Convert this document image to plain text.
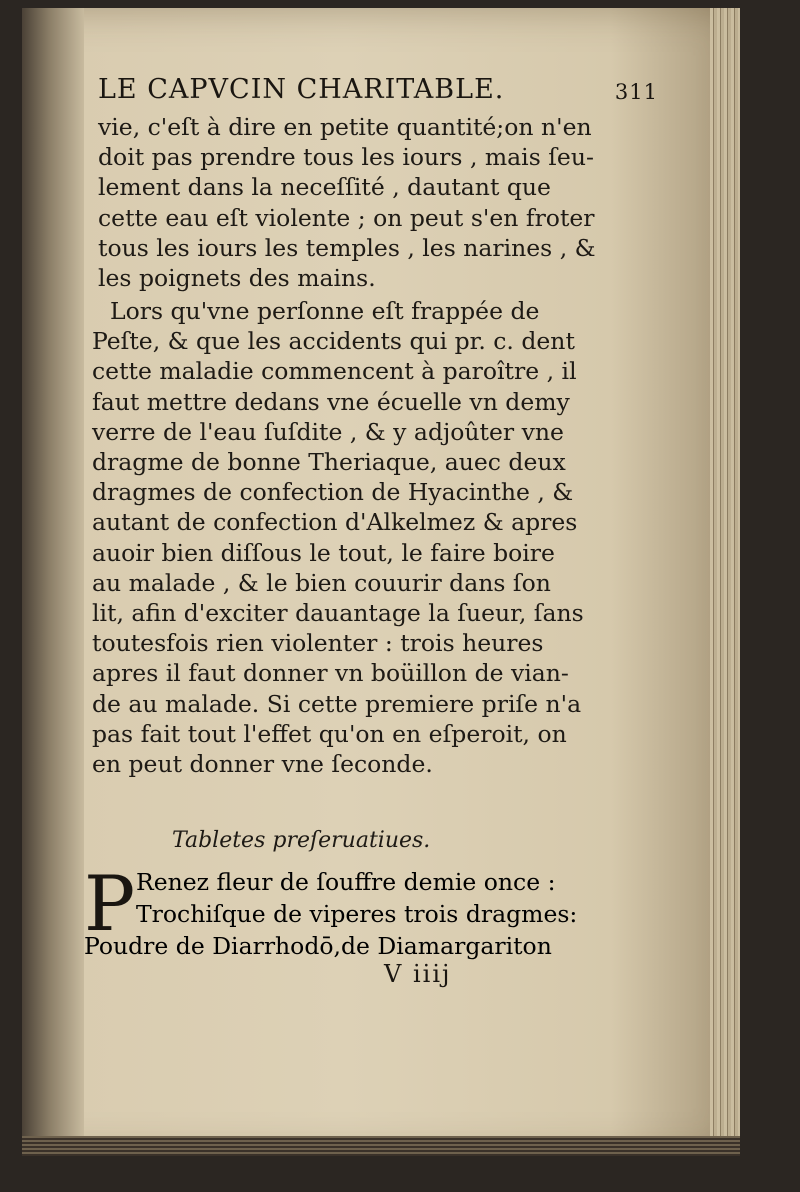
LE CAPVCIN CHARITABLE.	311
vie, c'eſt à dire en petite quantité;on n'en
doit pas prendre tous les iours , mais ſeu-
lement dans la neceſſité , dautant que
cette eau eſt violente ; on peut s'en froter
tous les iours les temples , les narines , &
les poignets des mains.
Lors qu'vne perſonne eſt frappée de
Peſte, & que les accidents qui pr. c. dent
cette maladie commencent à paroître , il
faut mettre dedans vne écuelle vn demy
verre de l'eau ſuſdite , & y adjoûter vne
dragme de bonne Theriaque, auec deux
dragmes de confection de Hyacinthe , &
autant de confection d'Alkelmez & apres
auoir bien diſſous le tout, le faire boire
au malade , & le bien couurir dans ſon
lit, afin d'exciter dauantage la ſueur, ſans
toutesfois rien violenter : trois heures
apres il faut donner vn boüillon de vian-
de au malade. Si cette premiere priſe n'a
pas fait tout l'effet qu'on en eſperoit, on
en peut donner vne ſeconde.
Tabletes preſeruatiues.
P Renez fleur de ſouffre demie once :
Trochiſque de viperes trois dragmes:
Poudre de Diarrhodō,de Diamargariton
V iiij
